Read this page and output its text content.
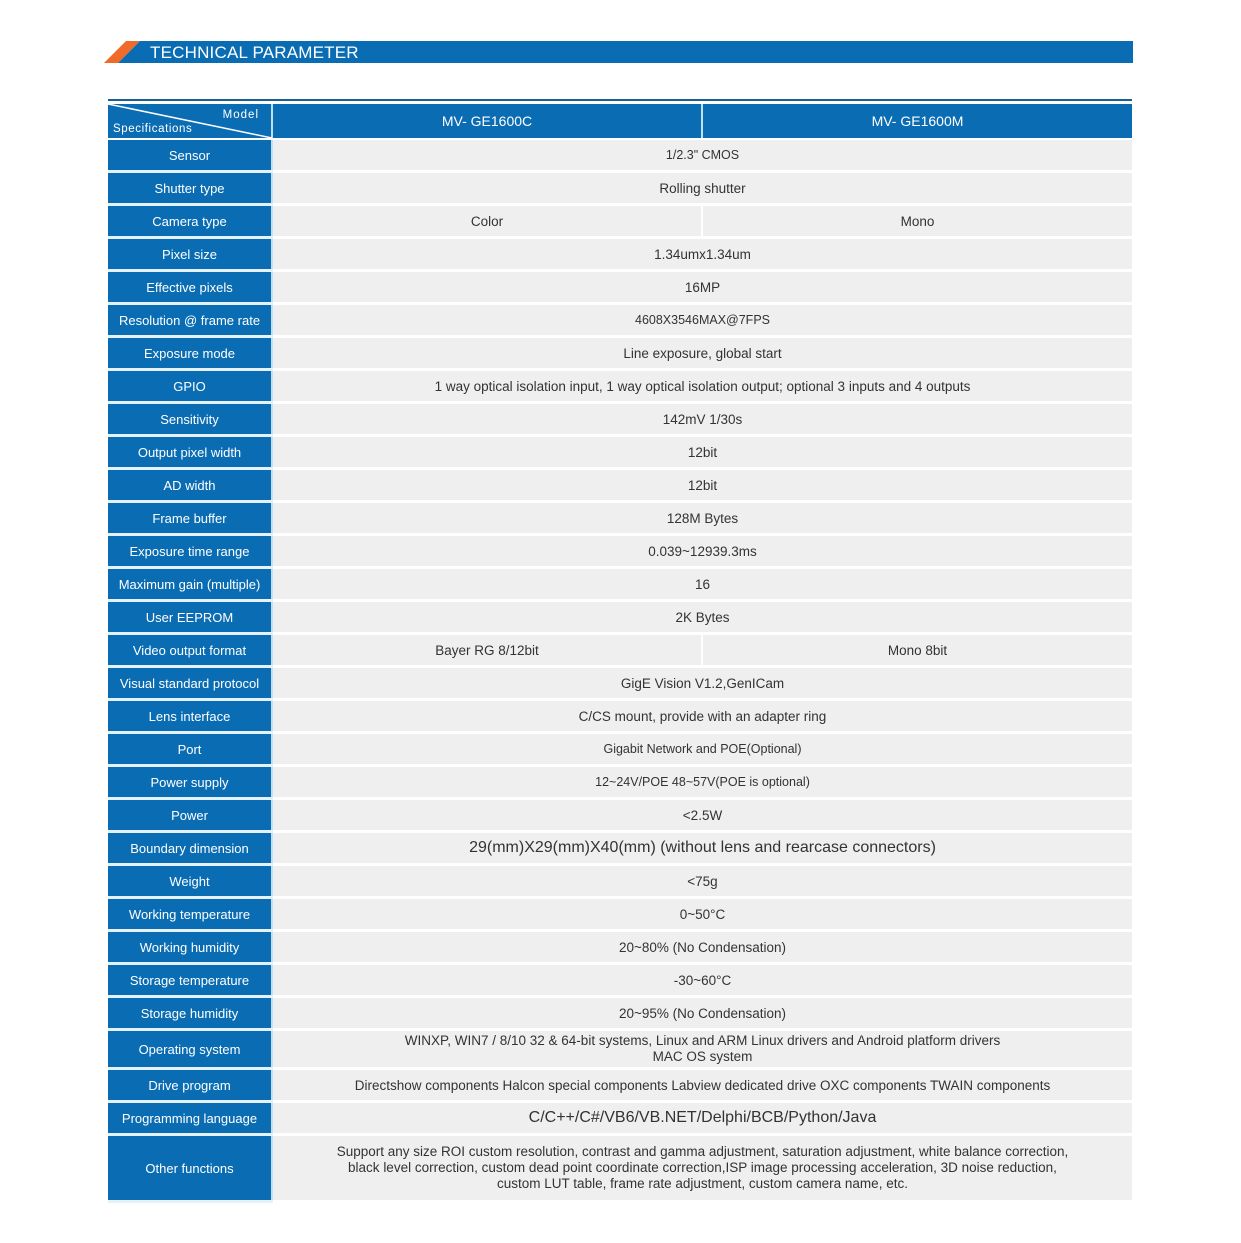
TECHNICAL PARAMETER
Model
Specifications	MV- GE1600C	MV- GE1600M
Sensor	1/2.3" CMOS	
Shutter type	Rolling shutter	
Camera type	Color	Mono
Pixel size	1.34umx1.34um	
Effective pixels	16MP	
Resolution @ frame rate	4608X3546MAX@7FPS	
Exposure mode	Line exposure, global start	
GPIO	1 way optical isolation input, 1 way optical isolation output; optional 3 inputs and 4 outputs	
Sensitivity	142mV 1/30s	
Output pixel width	12bit	
AD width	12bit	
Frame buffer	128M Bytes	
Exposure time range	0.039~12939.3ms	
Maximum gain (multiple)	16	
User EEPROM	2K Bytes	
Video output format	Bayer RG 8/12bit	Mono 8bit
Visual standard protocol	GigE Vision V1.2,GenICam	
Lens interface	C/CS mount, provide with an adapter ring	
Port	Gigabit Network and POE(Optional)	
Power supply	12~24V/POE 48~57V(POE is optional)	
Power	<2.5W	
Boundary dimension	29(mm)X29(mm)X40(mm) (without lens and rearcase connectors)	
Weight	<75g	
Working temperature	0~50°C	
Working humidity	20~80% (No Condensation)	
Storage temperature	-30~60°C	
Storage humidity	20~95% (No Condensation)	
Operating system	WINXP, WIN7 / 8/10 32 & 64-bit systems, Linux and ARM Linux drivers and Android platform drivers
MAC OS system	

Drive program	Directshow components Halcon special components Labview dedicated drive OXC components TWAIN components	
Programming language	C/C++/C#/VB6/VB.NET/Delphi/BCB/Python/Java	
Other functions	Support any size ROI custom resolution, contrast and gamma adjustment, saturation adjustment, white balance correction,
black level correction, custom dead point coordinate correction,ISP image processing acceleration, 3D noise reduction,
custom LUT table, frame rate adjustment, custom camera name, etc.	
